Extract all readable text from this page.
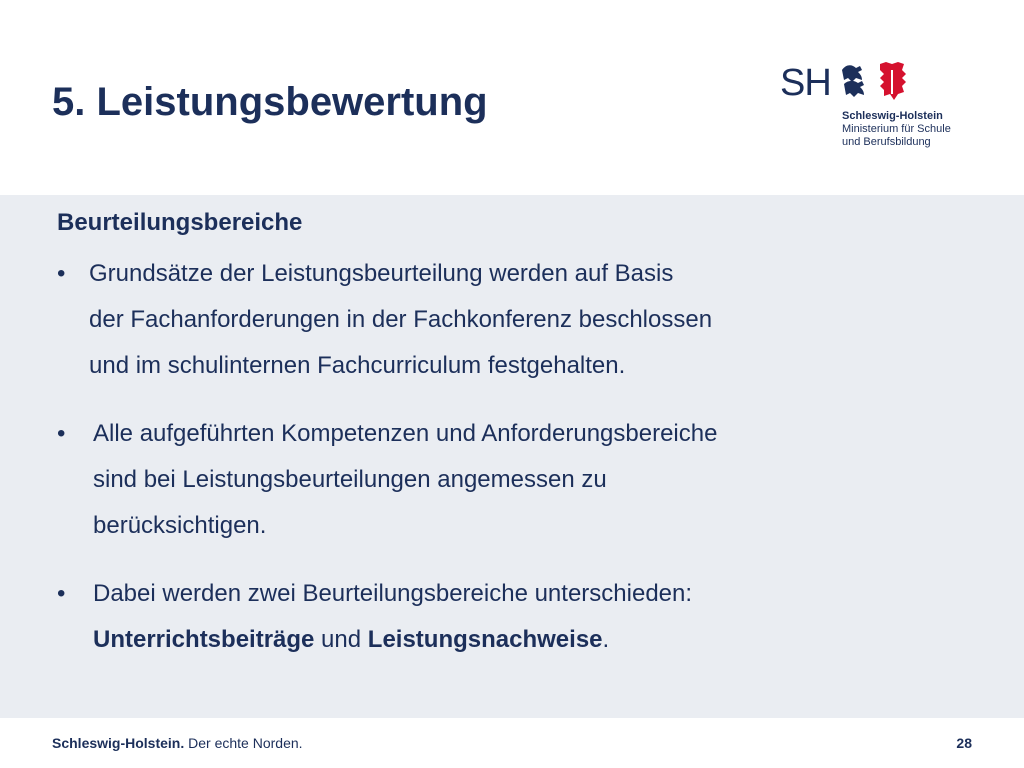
5. Leistungsbewertung	SH
Schleswig-Holstein
Ministerium für Schule
und Berufsbildung
Beurteilungsbereiche
• Grundsätze der Leistungsbeurteilung werden auf Basis
der Fachanforderungen in der Fachkonferenz beschlossen
und im schulinternen Fachcurriculum festgehalten.
• Alle aufgeführten Kompetenzen und Anforderungsbereiche
sind bei Leistungsbeurteilungen angemessen zu
berücksichtigen.
• Dabei werden zwei Beurteilungsbereiche unterschieden:
Unterrichtsbeiträge und Leistungsnachweise.
Schleswig-Holstein. Der echte Norden.	28
